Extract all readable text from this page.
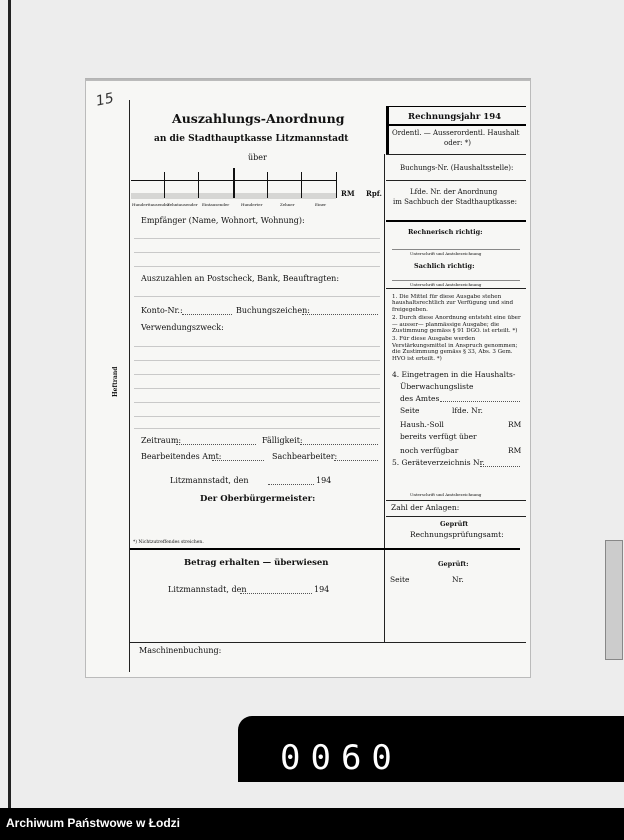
15
Auszahlungs-Anordnung
an die Stadthauptkasse Litzmannstadt
über
Hunderttausender
Zehntausender Eintausender	Hunderter	Zehner	Einer
RM Rpf.
Empfänger (Name, Wohnort, Wohnung):
Auszuzahlen an Postscheck, Bank, Beauftragten:
Konto-Nr.:	Buchungszeichen:
Verwendungszweck:
Heftrand
Zeitraum:	Fälligkeit:
Bearbeitendes Amt:	Sachbearbeiter:
Litzmannstadt, den	194
Der Oberbürgermeister:
*) Nichtzutreffendes streichen.
Betrag erhalten — überwiesen
Litzmannstadt, den	194
Maschinenbuchung:
Rechnungsjahr 194
Ordentl. — Ausserordentl. Haushalt
oder: *)
Buchungs-Nr. (Haushaltsstelle):
Lfde. Nr. der Anordnung
im Sachbuch der Stadthauptkasse:
Rechnerisch richtig:
Unterschrift und Amtsbezeichnung
Sachlich richtig:
Unterschrift und Amtsbezeichnung
1. Die Mittel für diese Ausgabe stehen haushaltsrechtlich zur Verfügung und sind freigegeben.
2. Durch diese Anordnung entsteht eine über— ausser— planmässige Ausgabe; die Zustimmung gemäss § 91 DGO. ist erteilt. *)
3. Für diese Ausgabe werden Verstärkungsmittel in Anspruch genommen; die Zustimmung gemäss § 33, Abs. 3 Gem. HVO ist erteilt. *)
4. Eingetragen in die Haushalts-
Überwachungsliste
des Amtes
Seite	lfde. Nr.
Haush.-Soll	RM
bereits verfügt über
noch verfügbar	RM
5. Geräteverzeichnis Nr.
Unterschrift und Amtsbezeichnung
Zahl der Anlagen:
Geprüft
Rechnungsprüfungsamt:
Geprüft:
Seite	Nr.
0060
Archiwum Państwowe w Łodzi
